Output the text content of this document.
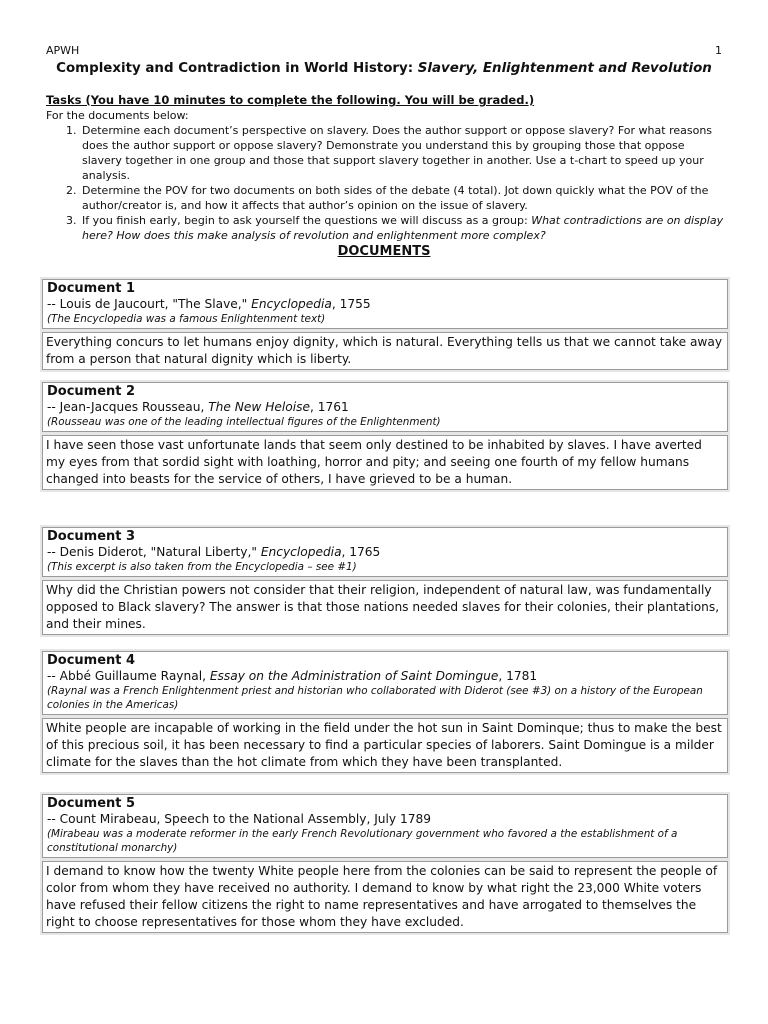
APWH	1
Complexity and Contradiction in World History: Slavery, Enlightenment and Revolution
Tasks (You have 10 minutes to complete the following. You will be graded.)
For the documents below:
1. Determine each document’s perspective on slavery. Does the author support or oppose slavery? For what reasons does the author support or oppose slavery? Demonstrate you understand this by grouping those that oppose slavery together in one group and those that support slavery together in another. Use a t-chart to speed up your analysis.
2. Determine the POV for two documents on both sides of the debate (4 total). Jot down quickly what the POV of the author/creator is, and how it affects that author’s opinion on the issue of slavery.
3. If you finish early, begin to ask yourself the questions we will discuss as a group: What contradictions are on display here? How does this make analysis of revolution and enlightenment more complex?
DOCUMENTS
Document 1
-- Louis de Jaucourt, "The Slave," Encyclopedia, 1755
(The Encyclopedia was a famous Enlightenment text)
Everything concurs to let humans enjoy dignity, which is natural. Everything tells us that we cannot take away from a person that natural dignity which is liberty.
Document 2
-- Jean-Jacques Rousseau, The New Heloise, 1761
(Rousseau was one of the leading intellectual figures of the Enlightenment)
I have seen those vast unfortunate lands that seem only destined to be inhabited by slaves. I have averted my eyes from that sordid sight with loathing, horror and pity; and seeing one fourth of my fellow humans changed into beasts for the service of others, I have grieved to be a human.
Document 3
-- Denis Diderot, "Natural Liberty," Encyclopedia, 1765
(This excerpt is also taken from the Encyclopedia – see #1)
Why did the Christian powers not consider that their religion, independent of natural law, was fundamentally opposed to Black slavery? The answer is that those nations needed slaves for their colonies, their plantations, and their mines.
Document 4
-- Abbé Guillaume Raynal, Essay on the Administration of Saint Domingue, 1781
(Raynal was a French Enlightenment priest and historian who collaborated with Diderot (see #3) on a history of the European colonies in the Americas)
White people are incapable of working in the field under the hot sun in Saint Dominque; thus to make the best of this precious soil, it has been necessary to find a particular species of laborers. Saint Domingue is a milder climate for the slaves than the hot climate from which they have been transplanted.
Document 5
-- Count Mirabeau, Speech to the National Assembly, July 1789
(Mirabeau was a moderate reformer in the early French Revolutionary government who favored a the establishment of a constitutional monarchy)
I demand to know how the twenty White people here from the colonies can be said to represent the people of color from whom they have received no authority. I demand to know by what right the 23,000 White voters have refused their fellow citizens the right to name representatives and have arrogated to themselves the right to choose representatives for those whom they have excluded.
